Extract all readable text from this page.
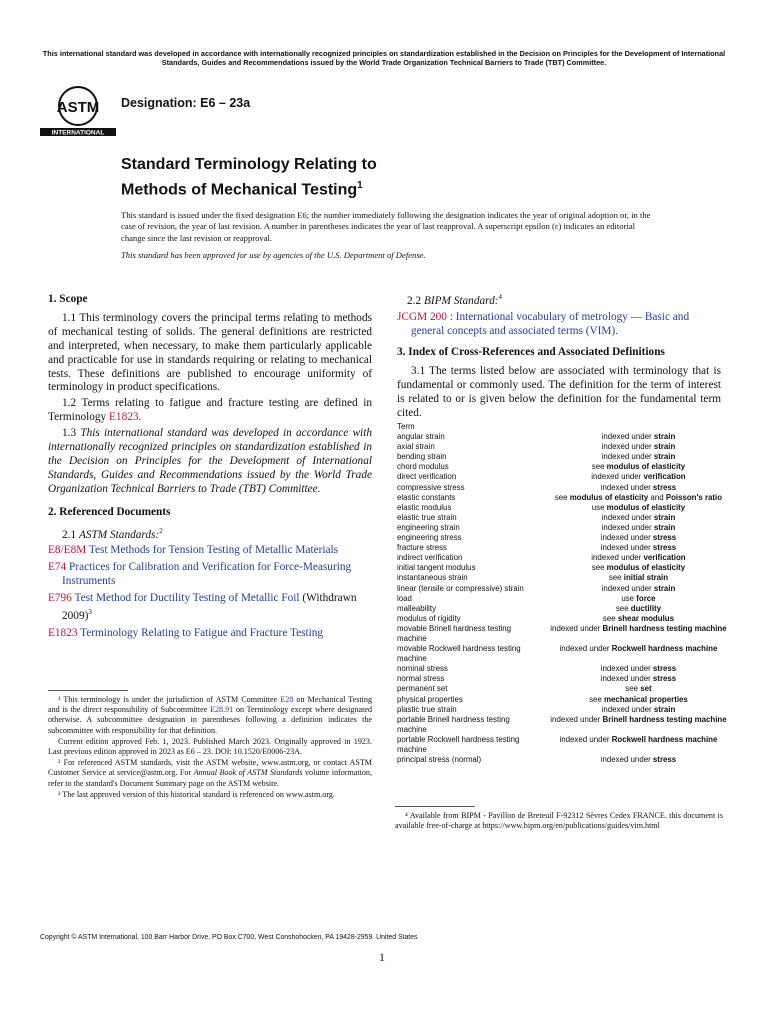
This international standard was developed in accordance with internationally recognized principles on standardization established in the Decision on Principles for the Development of International Standards, Guides and Recommendations issued by the World Trade Organization Technical Barriers to Trade (TBT) Committee.
ASTM
INTERNATIONAL
Designation: E6 – 23a
Standard Terminology Relating to
Methods of Mechanical Testing$^1$
This standard is issued under the fixed designation E6; the number immediately following the designation indicates the year of original adoption or, in the case of revision, the year of last revision. A number in parentheses indicates the year of last reapproval. A superscript epsilon (ε) indicates an editorial change since the last revision or reapproval.
This standard has been approved for use by agencies of the U.S. Department of Defense.
1. Scope

1.1 This terminology covers the principal terms relating to methods of mechanical testing of solids. The general definitions are restricted and interpreted, when necessary, to make them particularly applicable and practicable for use in standards requiring or relating to mechanical tests. These definitions are published to encourage uniformity of terminology in product specifications.

1.2 Terms relating to fatigue and fracture testing are defined in Terminology E1823.

1.3 This international standard was developed in accordance with internationally recognized principles on standardization established in the Decision on Principles for the Development of International Standards, Guides and Recommendations issued by the World Trade Organization Technical Barriers to Trade (TBT) Committee.

2. Referenced Documents

2.1 ASTM Standards:$^2$

E8/E8M Test Methods for Tension Testing of Metallic Materials
E74 Practices for Calibration and Verification for Force-Measuring Instruments
E796 Test Method for Ductility Testing of Metallic Foil (Withdrawn 2009)$^3$
E1823 Terminology Relating to Fatigue and Fracture Testing

¹ This terminology is under the jurisdiction of ASTM Committee E28 on Mechanical Testing and is the direct responsibility of Subcommittee E28.91 on Terminology except where designated otherwise. A subcommittee designation in parentheses following a definition indicates the subcommittee with responsibility for that definition.

Current edition approved Feb. 1, 2023. Published March 2023. Originally approved in 1923. Last previous edition approved in 2023 as E6 – 23. DOI: 10.1520/E0006-23A.

² For referenced ASTM standards, visit the ASTM website, www.astm.org, or contact ASTM Customer Service at service@astm.org. For Annual Book of ASTM Standards volume information, refer to the standard's Document Summary page on the ASTM website.

³ The last approved version of this historical standard is referenced on www.astm.org.

2.2 BIPM Standard:$^4$

JCGM 200 : International vocabulary of metrology — Basic and general concepts and associated terms (VIM).
3. Index of Cross-References and Associated Definitions

3.1 The terms listed below are associated with terminology that is fundamental or commonly used. The definition for the term of interest is related to or is given below the definition for the fundamental term cited.

Term
angular strain	indexed under strain
axial strain	indexed under strain
bending strain	indexed under strain
chord modulus	see modulus of elasticity
direct verification	indexed under verification
compressive stress	indexed under stress
elastic constants	see modulus of elasticity and Poisson's ratio
elastic modulus	use modulus of elasticity
elastic true strain	indexed under strain
engineering strain	indexed under strain
engineering stress	indexed under stress
fracture stress	indexed under stress
indirect verification	indexed under verification
initial tangent modulus	see modulus of elasticity
instantaneous strain	see initial strain
linear (tensile or compressive) strain	indexed under strain
load	use force
malleability	see ductility
modulus of rigidity	see shear modulus
movable Brinell hardness testing machine	indexed under Brinell hardness testing machine
movable Rockwell hardness testing machine	indexed under Rockwell hardness machine
nominal stress	indexed under stress
normal stress	indexed under stress
permanent set	see set
physical properties	see mechanical properties
plastic true strain	indexed under strain
portable Brinell hardness testing machine	indexed under Brinell hardness testing machine
portable Rockwell hardness testing machine	indexed under Rockwell hardness machine
principal stress (normal)	indexed under stress

⁴ Available from BIPM - Pavillon de Breteuil F-92312 Sèvres Cedex FRANCE. this document is available free-of-charge at https://www.bipm.org/en/publications/guides/vim.html

Copyright © ASTM International, 100 Barr Harbor Drive, PO Box C700, West Conshohocken, PA 19428-2959. United States
1
